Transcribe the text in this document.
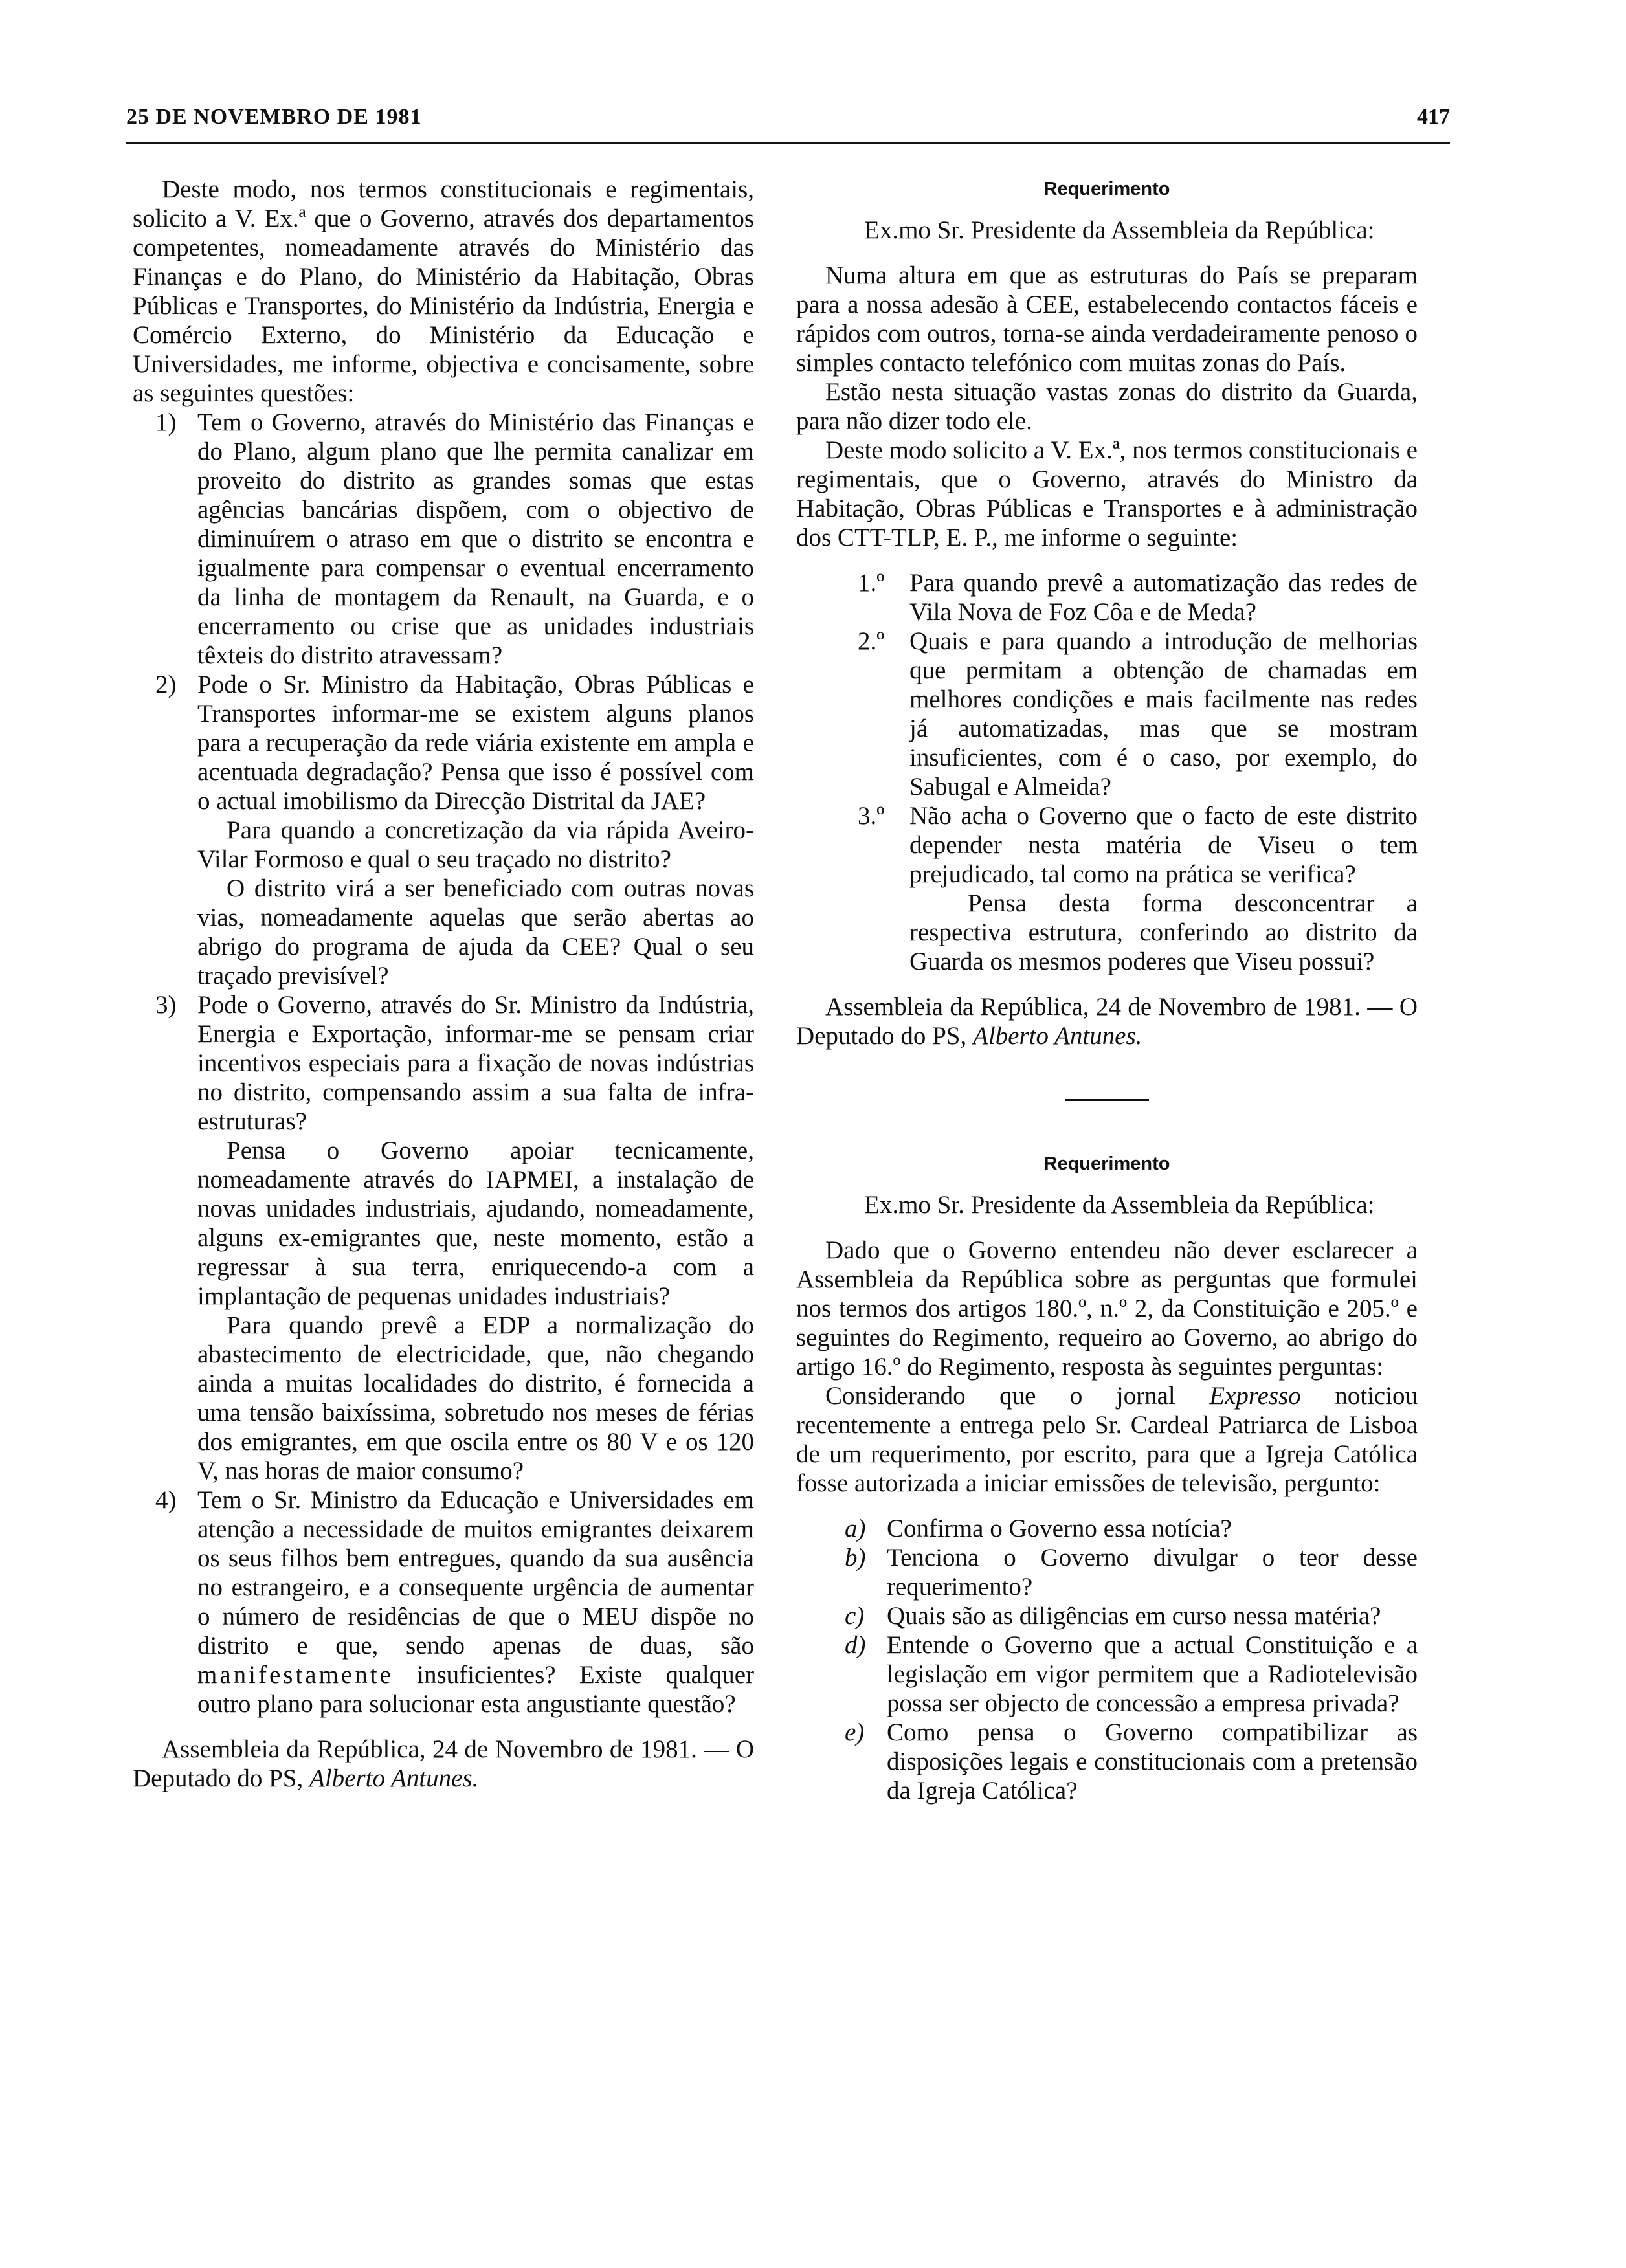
25 DE NOVEMBRO DE 1981	417

Deste modo, nos termos constitucionais e regimentais, solicito a V. Ex.ª que o Governo, através dos departamentos competentes, nomeadamente através do Ministério das Finanças e do Plano, do Ministério da Habitação, Obras Públicas e Transportes, do Ministério da Indústria, Energia e Comércio Externo, do Ministério da Educação e Universidades, me informe, objectiva e concisamente, sobre as seguintes questões:

1) Tem o Governo, através do Ministério das Finanças e do Plano, algum plano que lhe permita canalizar em proveito do distrito as grandes somas que estas agências bancárias dispõem, com o objectivo de diminuírem o atraso em que o distrito se encontra e igualmente para compensar o eventual encerramento da linha de montagem da Renault, na Guarda, e o encerramento ou crise que as unidades industriais têxteis do distrito atravessam?

2) Pode o Sr. Ministro da Habitação, Obras Públicas e Transportes informar-me se existem alguns planos para a recuperação da rede viária existente em ampla e acentuada degradação? Pensa que isso é possível com o actual imobilismo da Direcção Distrital da JAE?

Para quando a concretização da via rápida Aveiro-Vilar Formoso e qual o seu traçado no distrito?

O distrito virá a ser beneficiado com outras novas vias, nomeadamente aquelas que serão abertas ao abrigo do programa de ajuda da CEE? Qual o seu traçado previsível?

3) Pode o Governo, através do Sr. Ministro da Indústria, Energia e Exportação, informar-me se pensam criar incentivos especiais para a fixação de novas indústrias no distrito, compensando assim a sua falta de infra-estruturas?

Pensa o Governo apoiar tecnicamente, nomeadamente através do IAPMEI, a instalação de novas unidades industriais, ajudando, nomeadamente, alguns ex-emigrantes que, neste momento, estão a regressar à sua terra, enriquecendo-a com a implantação de pequenas unidades industriais?

Para quando prevê a EDP a normalização do abastecimento de electricidade, que, não chegando ainda a muitas localidades do distrito, é fornecida a uma tensão baixíssima, sobretudo nos meses de férias dos emigrantes, em que oscila entre os 80 V e os 120 V, nas horas de maior consumo?

4) Tem o Sr. Ministro da Educação e Universidades em atenção a necessidade de muitos emigrantes deixarem os seus filhos bem entregues, quando da sua ausência no estrangeiro, e a consequente urgência de aumentar o número de residências de que o MEU dispõe no distrito e que, sendo apenas de duas, são manifestamente insuficientes? Existe qualquer outro plano para solucionar esta angustiante questão?

Assembleia da República, 24 de Novembro de 1981. — O Deputado do PS, Alberto Antunes.

Requerimento

Ex.mo Sr. Presidente da Assembleia da República:

Numa altura em que as estruturas do País se preparam para a nossa adesão à CEE, estabelecendo contactos fáceis e rápidos com outros, torna-se ainda verdadeiramente penoso o simples contacto telefónico com muitas zonas do País.

Estão nesta situação vastas zonas do distrito da Guarda, para não dizer todo ele.

Deste modo solicito a V. Ex.ª, nos termos constitucionais e regimentais, que o Governo, através do Ministro da Habitação, Obras Públicas e Transportes e à administração dos CTT-TLP, E. P., me informe o seguinte:

1.º Para quando prevê a automatização das redes de Vila Nova de Foz Côa e de Meda?

2.º Quais e para quando a introdução de melhorias que permitam a obtenção de chamadas em melhores condições e mais facilmente nas redes já automatizadas, mas que se mostram insuficientes, com é o caso, por exemplo, do Sabugal e Almeida?

3.º Não acha o Governo que o facto de este distrito depender nesta matéria de Viseu o tem prejudicado, tal como na prática se verifica?

Pensa desta forma desconcentrar a respectiva estrutura, conferindo ao distrito da Guarda os mesmos poderes que Viseu possui?

Assembleia da República, 24 de Novembro de 1981. — O Deputado do PS, Alberto Antunes.

Requerimento

Ex.mo Sr. Presidente da Assembleia da República:

Dado que o Governo entendeu não dever esclarecer a Assembleia da República sobre as perguntas que formulei nos termos dos artigos 180.º, n.º 2, da Constituição e 205.º e seguintes do Regimento, requeiro ao Governo, ao abrigo do artigo 16.º do Regimento, resposta às seguintes perguntas:

Considerando que o jornal Expresso noticiou recentemente a entrega pelo Sr. Cardeal Patriarca de Lisboa de um requerimento, por escrito, para que a Igreja Católica fosse autorizada a iniciar emissões de televisão, pergunto:

a) Confirma o Governo essa notícia?

b) Tenciona o Governo divulgar o teor desse requerimento?

c) Quais são as diligências em curso nessa matéria?

d) Entende o Governo que a actual Constituição e a legislação em vigor permitem que a Radiotelevisão possa ser objecto de concessão a empresa privada?

e) Como pensa o Governo compatibilizar as disposições legais e constitucionais com a pretensão da Igreja Católica?
